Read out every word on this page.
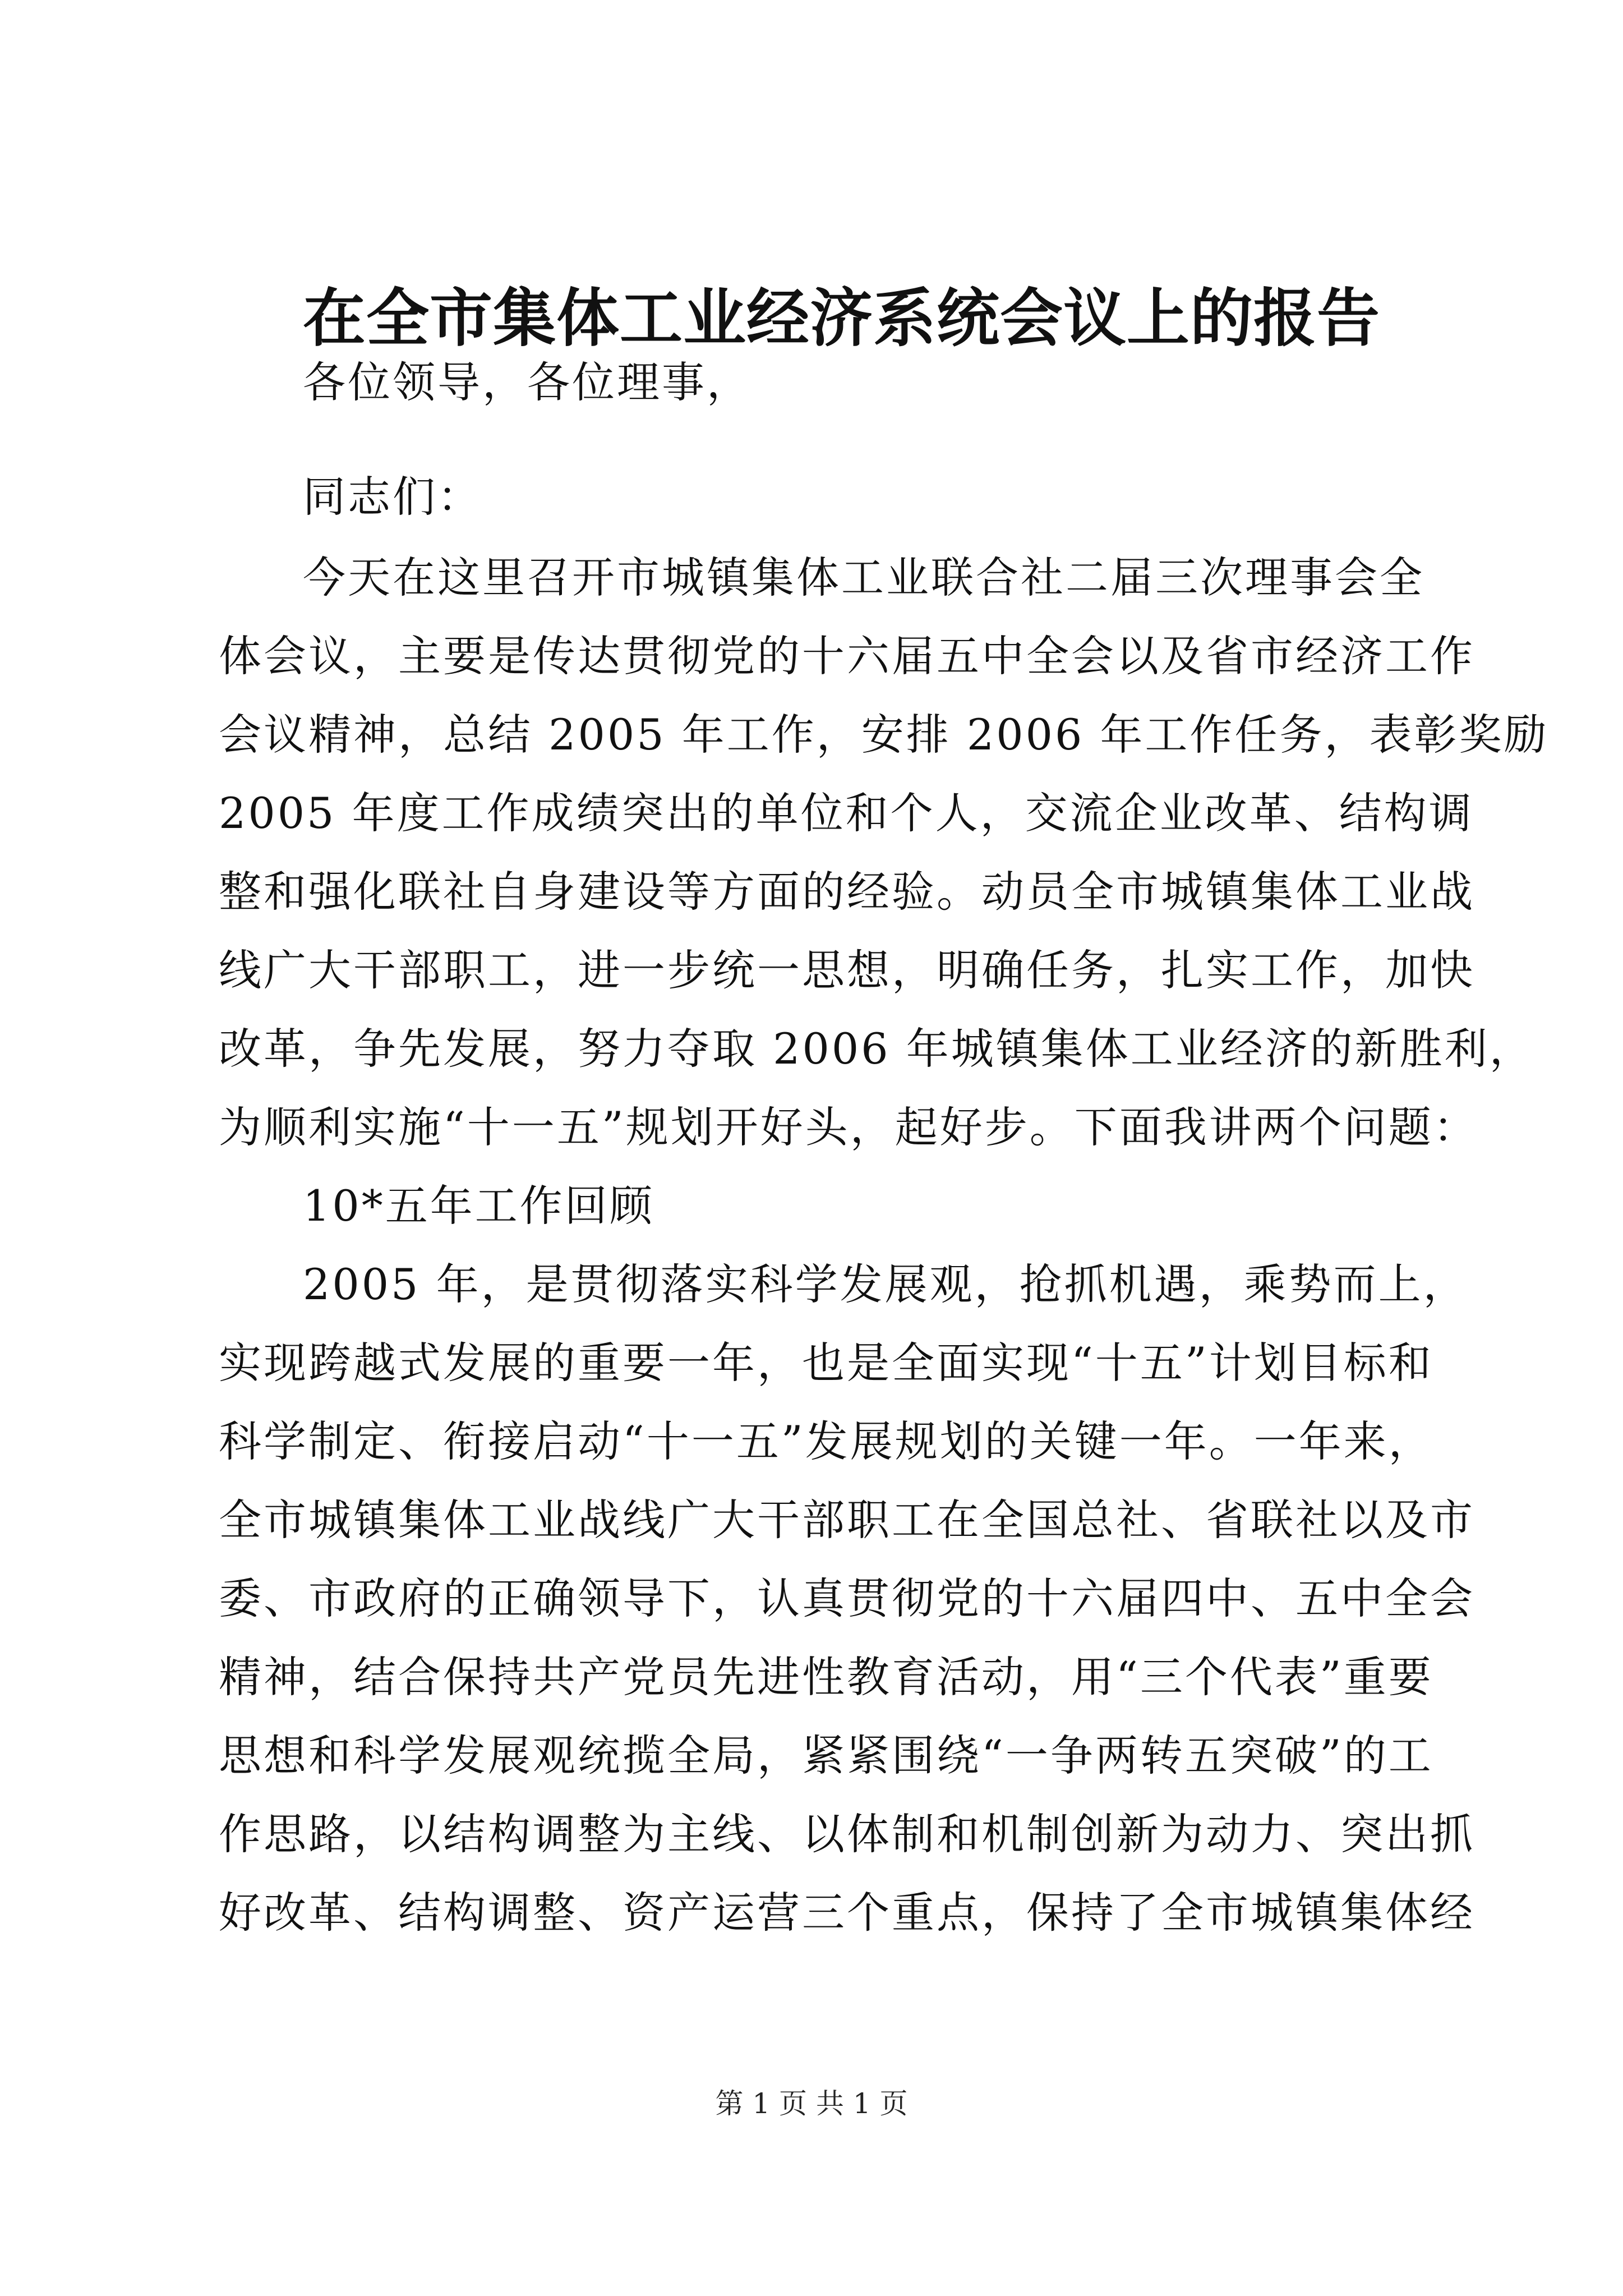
在全市集体工业经济系统会议上的报告
各位领导，各位理事，
同志们：
今天在这里召开市城镇集体工业联合社二届三次理事会全
体会议，主要是传达贯彻党的十六届五中全会以及省市经济工作
会议精神，总结 2005 年工作，安排 2006 年工作任务，表彰奖励
2005 年度工作成绩突出的单位和个人，交流企业改革、结构调
整和强化联社自身建设等方面的经验。动员全市城镇集体工业战
线广大干部职工，进一步统一思想，明确任务，扎实工作，加快
改革，争先发展，努力夺取 2006 年城镇集体工业经济的新胜利，
为顺利实施“十一五”规划开好头，起好步。下面我讲两个问题：
10*五年工作回顾
2005 年，是贯彻落实科学发展观，抢抓机遇，乘势而上，
实现跨越式发展的重要一年，也是全面实现“十五”计划目标和
科学制定、衔接启动“十一五”发展规划的关键一年。一年来，
全市城镇集体工业战线广大干部职工在全国总社、省联社以及市
委、市政府的正确领导下，认真贯彻党的十六届四中、五中全会
精神，结合保持共产党员先进性教育活动，用“三个代表”重要
思想和科学发展观统揽全局，紧紧围绕“一争两转五突破”的工
作思路，以结构调整为主线、以体制和机制创新为动力、突出抓
好改革、结构调整、资产运营三个重点，保持了全市城镇集体经
第 1 页 共 1 页
